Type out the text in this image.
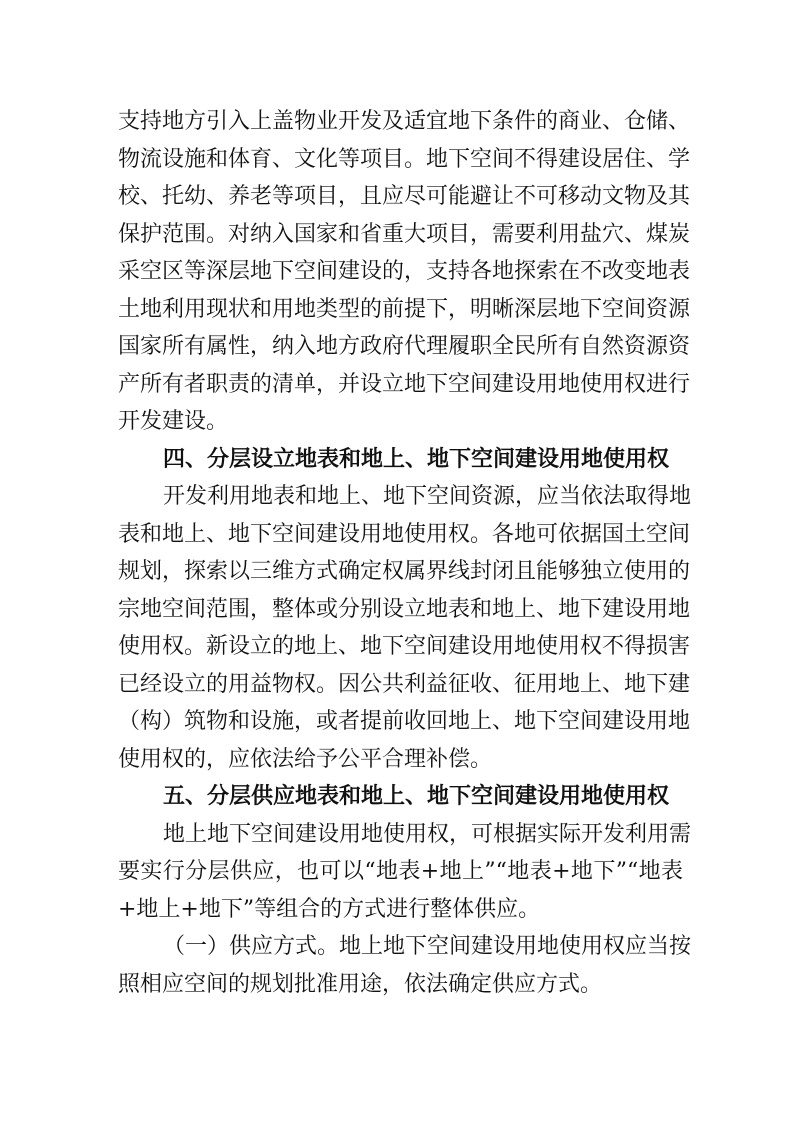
支持地方引入上盖物业开发及适宜地下条件的商业、仓储、
物流设施和体育、文化等项目。地下空间不得建设居住、学
校、托幼、养老等项目，且应尽可能避让不可移动文物及其
保护范围。对纳入国家和省重大项目，需要利用盐穴、煤炭
采空区等深层地下空间建设的，支持各地探索在不改变地表
土地利用现状和用地类型的前提下，明晰深层地下空间资源
国家所有属性，纳入地方政府代理履职全民所有自然资源资
产所有者职责的清单，并设立地下空间建设用地使用权进行
开发建设。
四、分层设立地表和地上、地下空间建设用地使用权
开发利用地表和地上、地下空间资源，应当依法取得地
表和地上、地下空间建设用地使用权。各地可依据国土空间
规划，探索以三维方式确定权属界线封闭且能够独立使用的
宗地空间范围，整体或分别设立地表和地上、地下建设用地
使用权。新设立的地上、地下空间建设用地使用权不得损害
已经设立的用益物权。因公共利益征收、征用地上、地下建
（构）筑物和设施，或者提前收回地上、地下空间建设用地
使用权的，应依法给予公平合理补偿。
五、分层供应地表和地上、地下空间建设用地使用权
地上地下空间建设用地使用权，可根据实际开发利用需
要实行分层供应，也可以“地表+地上”“地表+地下”“地表
+地上+地下”等组合的方式进行整体供应。
（一）供应方式。地上地下空间建设用地使用权应当按
照相应空间的规划批准用途，依法确定供应方式。
